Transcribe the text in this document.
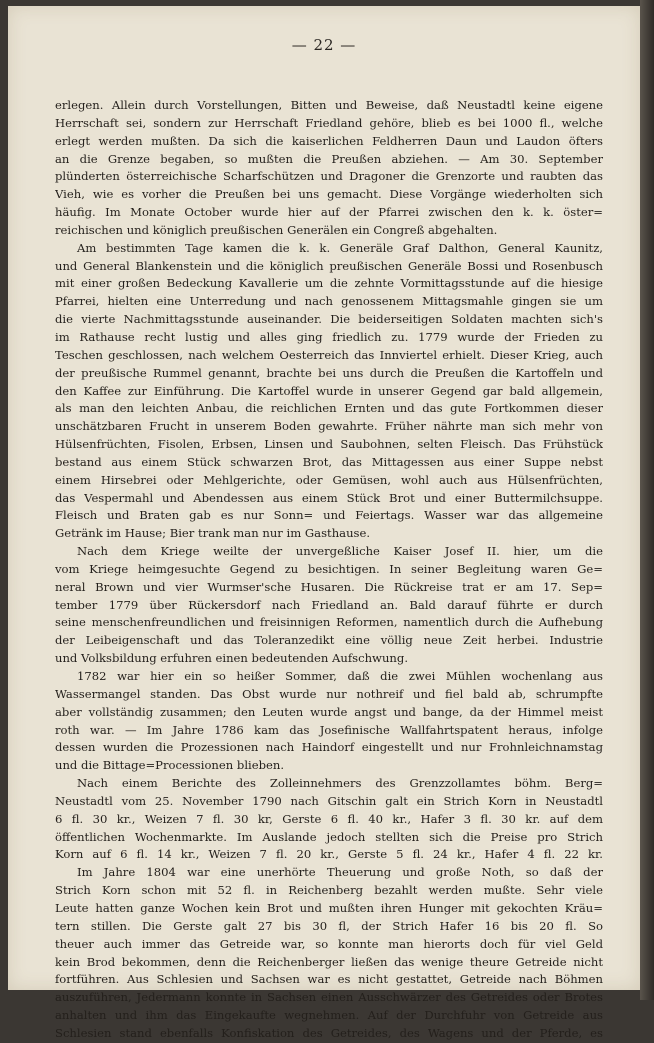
— 22 —
erlegen. Allein durch Vorstellungen, Bitten und Beweise, daß Neustadtl keine eigene
Herrschaft sei, sondern zur Herrschaft Friedland gehöre, blieb es bei 1000 fl., welche
erlegt werden mußten. Da sich die kaiserlichen Feldherren Daun und Laudon öfters
an die Grenze begaben, so mußten die Preußen abziehen. — Am 30. September
plünderten österreichische Scharfschützen und Dragoner die Grenzorte und raubten das
Vieh, wie es vorher die Preußen bei uns gemacht. Diese Vorgänge wiederholten sich
häufig. Im Monate October wurde hier auf der Pfarrei zwischen den k. k. öster=
reichischen und königlich preußischen Generälen ein Congreß abgehalten.
Am bestimmten Tage kamen die k. k. Generäle Graf Dalthon, General Kaunitz,
und General Blankenstein und die königlich preußischen Generäle Bossi und Rosenbusch
mit einer großen Bedeckung Kavallerie um die zehnte Vormittagsstunde auf die hiesige
Pfarrei, hielten eine Unterredung und nach genossenem Mittagsmahle gingen sie um
die vierte Nachmittagsstunde auseinander. Die beiderseitigen Soldaten machten sich's
im Rathause recht lustig und alles ging friedlich zu. 1779 wurde der Frieden zu
Teschen geschlossen, nach welchem Oesterreich das Innviertel erhielt. Dieser Krieg, auch
der preußische Rummel genannt, brachte bei uns durch die Preußen die Kartoffeln und
den Kaffee zur Einführung. Die Kartoffel wurde in unserer Gegend gar bald allgemein,
als man den leichten Anbau, die reichlichen Ernten und das gute Fortkommen dieser
unschätzbaren Frucht in unserem Boden gewahrte. Früher nährte man sich mehr von
Hülsenfrüchten, Fisolen, Erbsen, Linsen und Saubohnen, selten Fleisch. Das Frühstück
bestand aus einem Stück schwarzen Brot, das Mittagessen aus einer Suppe nebst
einem Hirsebrei oder Mehlgerichte, oder Gemüsen, wohl auch aus Hülsenfrüchten,
das Vespermahl und Abendessen aus einem Stück Brot und einer Buttermilchsuppe.
Fleisch und Braten gab es nur Sonn= und Feiertags. Wasser war das allgemeine
Getränk im Hause; Bier trank man nur im Gasthause.
Nach dem Kriege weilte der unvergeßliche Kaiser Josef II. hier, um die
vom Kriege heimgesuchte Gegend zu besichtigen. In seiner Begleitung waren Ge=
neral Brown und vier Wurmser'sche Husaren. Die Rückreise trat er am 17. Sep=
tember 1779 über Rückersdorf nach Friedland an. Bald darauf führte er durch
seine menschenfreundlichen und freisinnigen Reformen, namentlich durch die Aufhebung
der Leibeigenschaft und das Toleranzedikt eine völlig neue Zeit herbei. Industrie
und Volksbildung erfuhren einen bedeutenden Aufschwung.
1782 war hier ein so heißer Sommer, daß die zwei Mühlen wochenlang aus
Wassermangel standen. Das Obst wurde nur nothreif und fiel bald ab, schrumpfte
aber vollständig zusammen; den Leuten wurde angst und bange, da der Himmel meist
roth war. — Im Jahre 1786 kam das Josefinische Wallfahrtspatent heraus, infolge
dessen wurden die Prozessionen nach Haindorf eingestellt und nur Frohnleichnamstag
und die Bittage=Processionen blieben.
Nach einem Berichte des Zolleinnehmers des Grenzzollamtes böhm. Berg=
Neustadtl vom 25. November 1790 nach Gitschin galt ein Strich Korn in Neustadtl
6 fl. 30 kr., Weizen 7 fl. 30 kr, Gerste 6 fl. 40 kr., Hafer 3 fl. 30 kr. auf dem
öffentlichen Wochenmarkte. Im Auslande jedoch stellten sich die Preise pro Strich
Korn auf 6 fl. 14 kr., Weizen 7 fl. 20 kr., Gerste 5 fl. 24 kr., Hafer 4 fl. 22 kr.
Im Jahre 1804 war eine unerhörte Theuerung und große Noth, so daß der
Strich Korn schon mit 52 fl. in Reichenberg bezahlt werden mußte. Sehr viele
Leute hatten ganze Wochen kein Brot und mußten ihren Hunger mit gekochten Kräu=
tern stillen. Die Gerste galt 27 bis 30 fl, der Strich Hafer 16 bis 20 fl. So
theuer auch immer das Getreide war, so konnte man hierorts doch für viel Geld
kein Brod bekommen, denn die Reichenberger ließen das wenige theure Getreide nicht
fortführen. Aus Schlesien und Sachsen war es nicht gestattet, Getreide nach Böhmen
auszuführen, Jedermann konnte in Sachsen einen Ausschwärzer des Getreides oder Brotes
anhalten und ihm das Eingekaufte wegnehmen. Auf der Durchfuhr von Getreide aus
Schlesien stand ebenfalls Konfiskation des Getreides, des Wagens und der Pferde, es
